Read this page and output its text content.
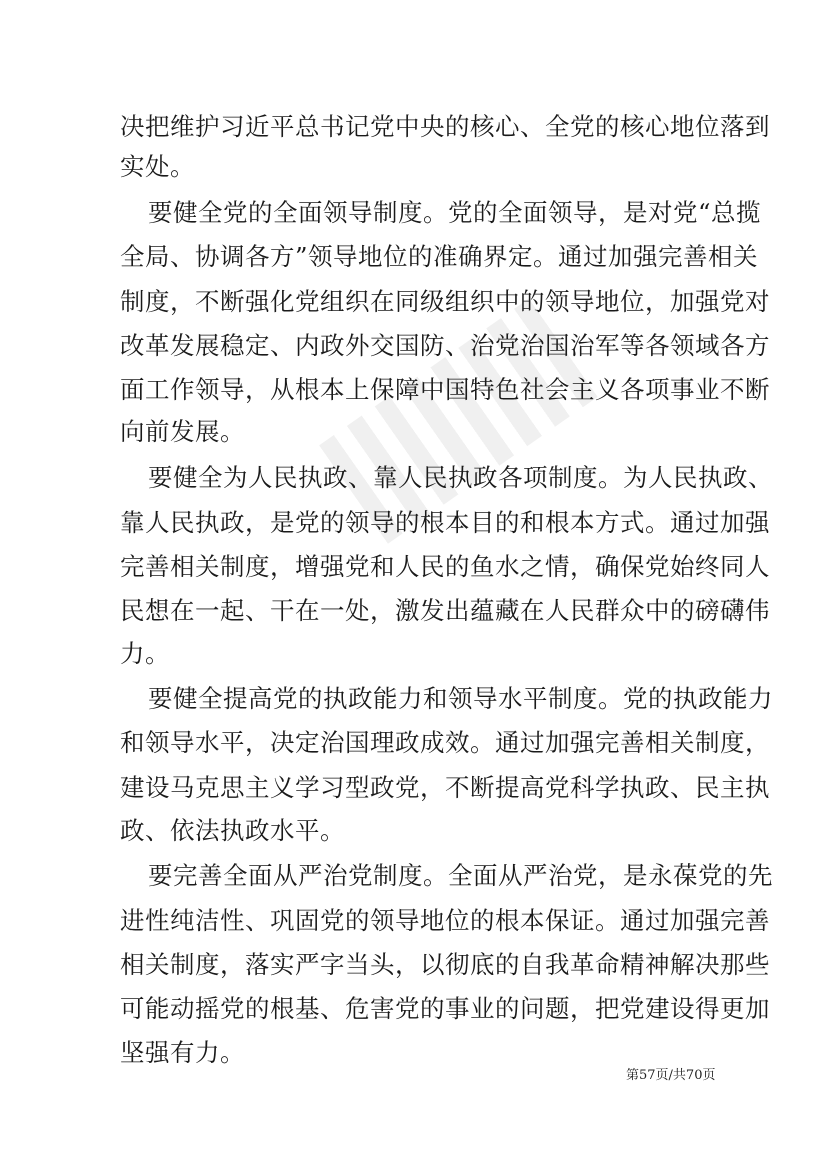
决把维护习近平总书记党中央的核心、全党的核心地位落到
实处。
要健全党的全面领导制度。党的全面领导，是对党“总揽
全局、协调各方”领导地位的准确界定。通过加强完善相关
制度，不断强化党组织在同级组织中的领导地位，加强党对
改革发展稳定、内政外交国防、治党治国治军等各领域各方
面工作领导，从根本上保障中国特色社会主义各项事业不断
向前发展。
要健全为人民执政、靠人民执政各项制度。为人民执政、
靠人民执政，是党的领导的根本目的和根本方式。通过加强
完善相关制度，增强党和人民的鱼水之情，确保党始终同人
民想在一起、干在一处，激发出蕴藏在人民群众中的磅礴伟
力。
要健全提高党的执政能力和领导水平制度。党的执政能力
和领导水平，决定治国理政成效。通过加强完善相关制度，
建设马克思主义学习型政党，不断提高党科学执政、民主执
政、依法执政水平。
要完善全面从严治党制度。全面从严治党，是永葆党的先
进性纯洁性、巩固党的领导地位的根本保证。通过加强完善
相关制度，落实严字当头，以彻底的自我革命精神解决那些
可能动摇党的根基、危害党的事业的问题，把党建设得更加
坚强有力。
第57页/共70页
